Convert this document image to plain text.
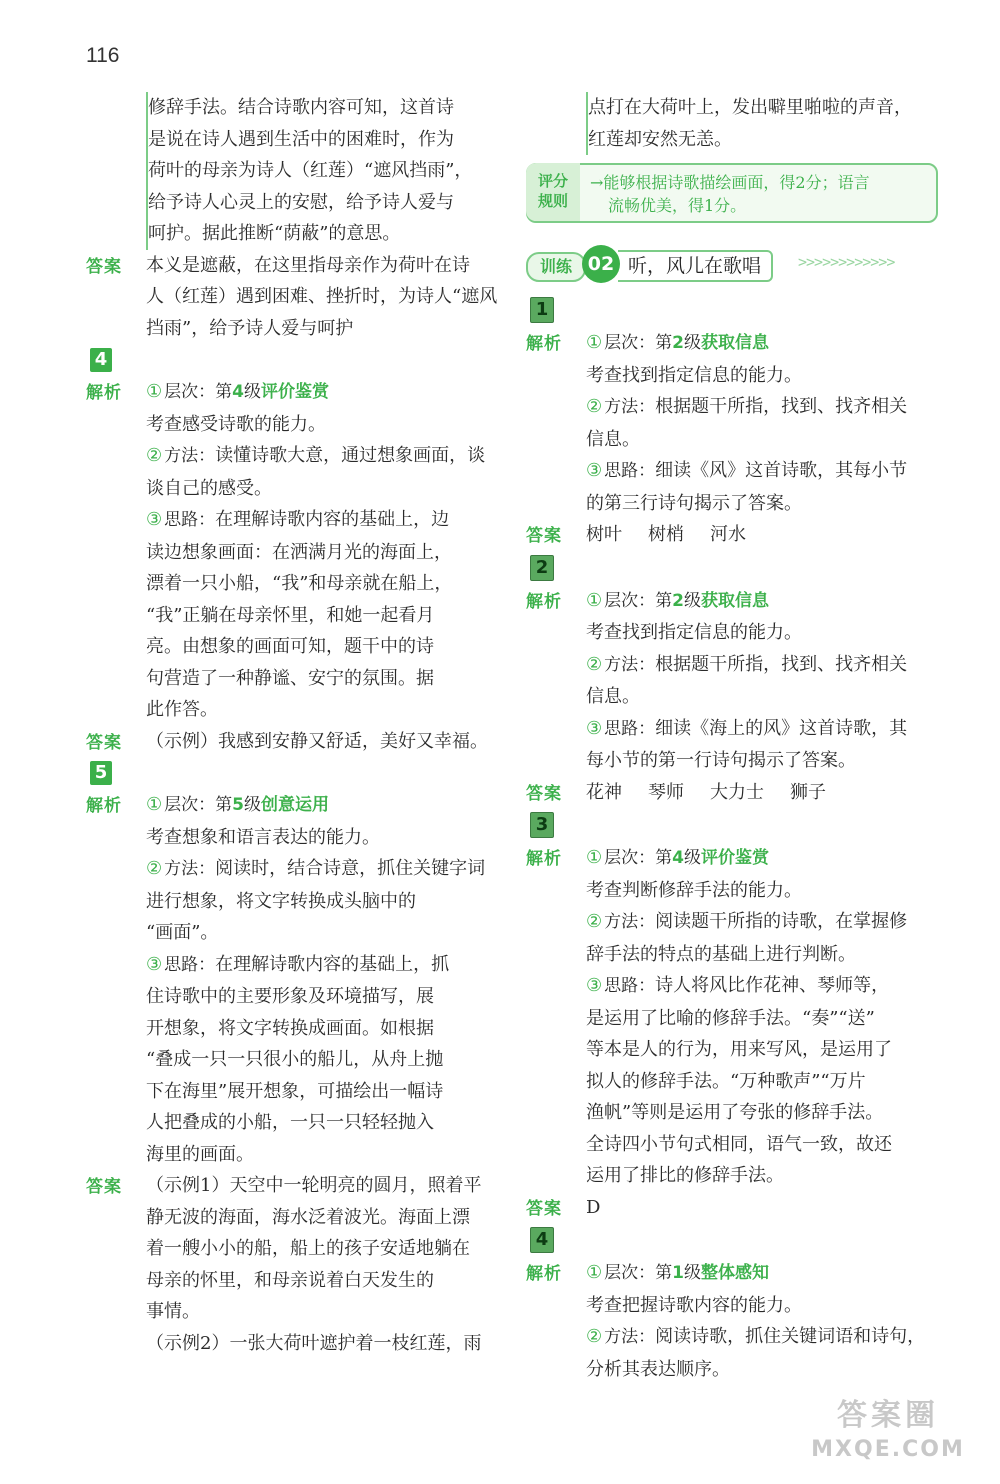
116
修辞手法。结合诗歌内容可知，这首诗
是说在诗人遇到生活中的困难时，作为
荷叶的母亲为诗人（红莲）“遮风挡雨”，
给予诗人心灵上的安慰，给予诗人爱与
呵护。据此推断“荫蔽”的意思。
答案 本义是遮蔽，在这里指母亲作为荷叶在诗
人（红莲）遇到困难、挫折时，为诗人“遮风
挡雨”，给予诗人爱与呵护
4
解析 ① 层次：第4级评价鉴赏
考查感受诗歌的能力。
② 方法：读懂诗歌大意，通过想象画面，谈
谈自己的感受。
③ 思路：在理解诗歌内容的基础上，边
读边想象画面：在洒满月光的海面上，
漂着一只小船，“我”和母亲就在船上，
“我”正躺在母亲怀里，和她一起看月
亮。由想象的画面可知，题干中的诗
句营造了一种静谧、安宁的氛围。据
此作答。
答案 （示例）我感到安静又舒适，美好又幸福。
5
解析 ① 层次：第5级创意运用
考查想象和语言表达的能力。
② 方法：阅读时，结合诗意，抓住关键字词
进行想象，将文字转换成头脑中的
“画面”。
③ 思路：在理解诗歌内容的基础上，抓
住诗歌中的主要形象及环境描写，展
开想象，将文字转换成画面。如根据
“叠成一只一只很小的船儿，从舟上抛
下在海里”展开想象，可描绘出一幅诗
人把叠成的小船，一只一只轻轻抛入
海里的画面。
答案 （示例1）天空中一轮明亮的圆月，照着平
静无波的海面，海水泛着波光。海面上漂
着一艘小小的船，船上的孩子安适地躺在
母亲的怀里，和母亲说着白天发生的
事情。
（示例2）一张大荷叶遮护着一枝红莲，雨
点打在大荷叶上，发出噼里啪啦的声音，
红莲却安然无恙。
评分
规则
→能够根据诗歌描绘画面，得2分；语言
流畅优美，得1分。
训练 02 听，风儿在歌唱	>>>>>>>>>>>>
1
解析 ① 层次：第2级获取信息
考查找到指定信息的能力。
② 方法：根据题干所指，找到、找齐相关
信息。
③ 思路：细读《风》这首诗歌，其每小节
的第三行诗句揭示了答案。
答案 树叶 树梢 河水
2
解析 ① 层次：第2级获取信息
考查找到指定信息的能力。
② 方法：根据题干所指，找到、找齐相关
信息。
③ 思路：细读《海上的风》这首诗歌，其
每小节的第一行诗句揭示了答案。
答案 花神 琴师 大力士 狮子
3
解析 ① 层次：第4级评价鉴赏
考查判断修辞手法的能力。
② 方法：阅读题干所指的诗歌，在掌握修
辞手法的特点的基础上进行判断。
③ 思路：诗人将风比作花神、琴师等，
是运用了比喻的修辞手法。“奏”“送”
等本是人的行为，用来写风，是运用了
拟人的修辞手法。“万种歌声”“万片
渔帆”等则是运用了夸张的修辞手法。
全诗四小节句式相同，语气一致，故还
运用了排比的修辞手法。
答案 D
4
解析 ① 层次：第1级整体感知
考查把握诗歌内容的能力。
② 方法：阅读诗歌，抓住关键词语和诗句，
分析其表达顺序。
答案圈
MXQE.COM
